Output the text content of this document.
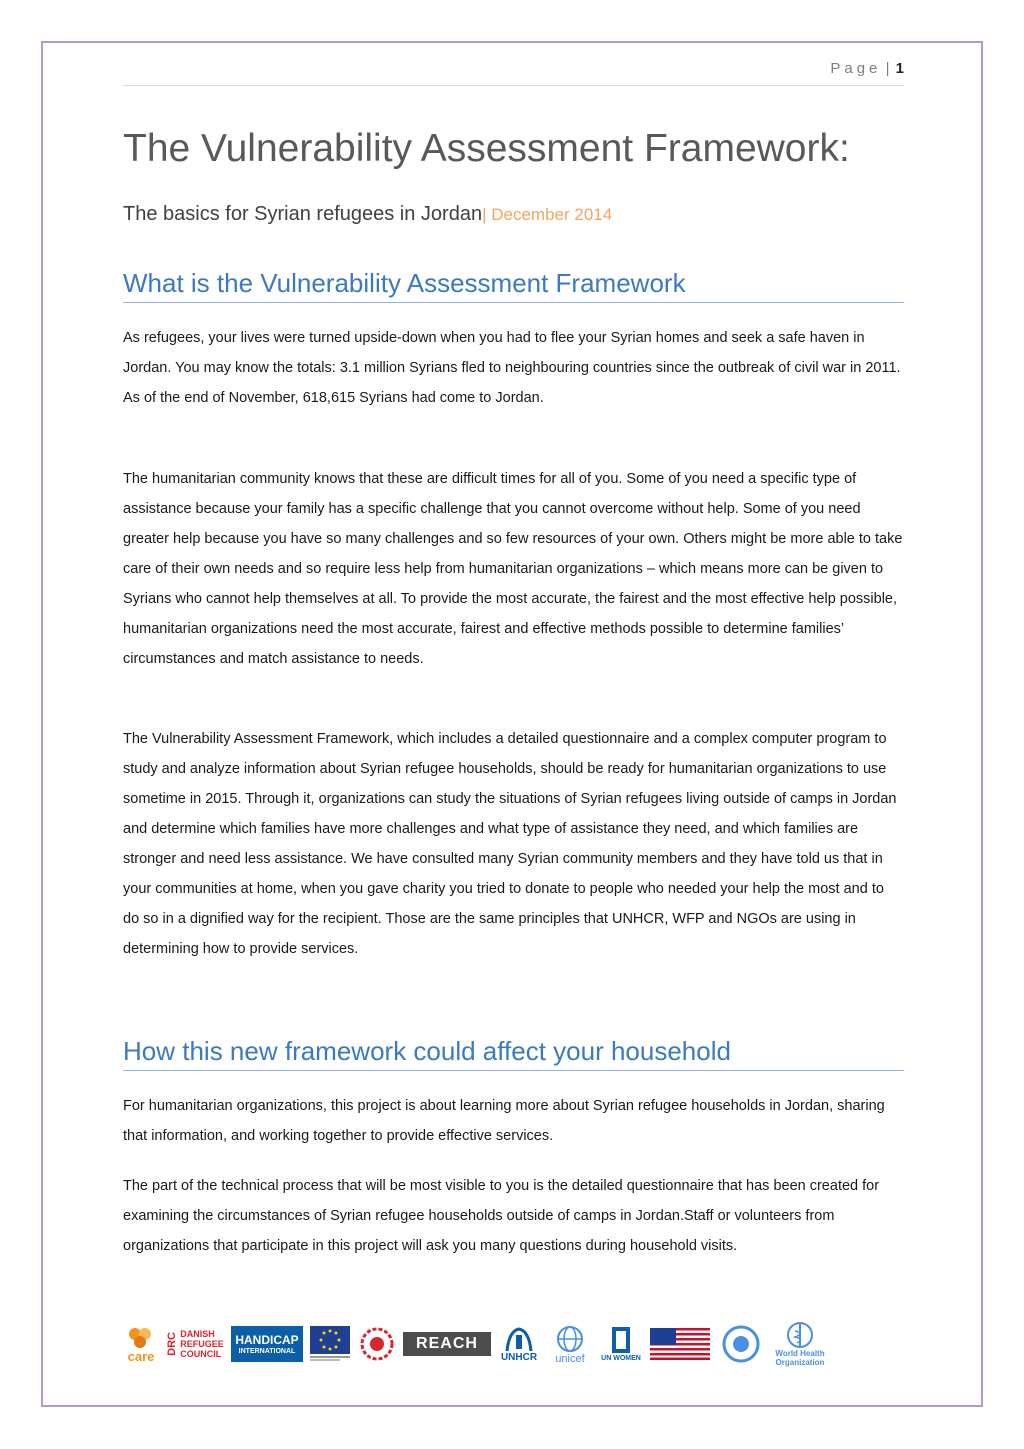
Page | 1
The Vulnerability Assessment Framework:
The basics for Syrian refugees in Jordan| December 2014
What is the Vulnerability Assessment Framework

As refugees, your lives were turned upside-down when you had to flee your Syrian homes and seek a safe haven in Jordan. You may know the totals: 3.1 million Syrians fled to neighbouring countries since the outbreak of civil war in 2011. As of the end of November, 618,615 Syrians had come to Jordan.

The humanitarian community knows that these are difficult times for all of you. Some of you need a specific type of assistance because your family has a specific challenge that you cannot overcome without help. Some of you need greater help because you have so many challenges and so few resources of your own. Others might be more able to take care of their own needs and so require less help from humanitarian organizations – which means more can be given to Syrians who cannot help themselves at all. To provide the most accurate, the fairest and the most effective help possible, humanitarian organizations need the most accurate, fairest and effective methods possible to determine families’ circumstances and match assistance to needs.

The Vulnerability Assessment Framework, which includes a detailed questionnaire and a complex computer program to study and analyze information about Syrian refugee households, should be ready for humanitarian organizations to use sometime in 2015. Through it, organizations can study the situations of Syrian refugees living outside of camps in Jordan and determine which families have more challenges and what type of assistance they need, and which families are stronger and need less assistance. We have consulted many Syrian community members and they have told us that in your communities at home, when you gave charity you tried to donate to people who needed your help the most and to do so in a dignified way for the recipient. Those are the same principles that UNHCR, WFP and NGOs are using in determining how to provide services.

How this new framework could affect your household

For humanitarian organizations, this project is about learning more about Syrian refugee households in Jordan, sharing that information, and working together to provide effective services.

The part of the technical process that will be most visible to you is the detailed questionnaire that has been created for examining the circumstances of Syrian refugee households outside of camps in Jordan.Staff or volunteers from organizations that participate in this project will ask you many questions during household visits.

care
DRC DANISH
REFUGEE
COUNCIL
HANDICAP
INTERNATIONAL	REACH
UNHCR unicef UN WOMEN
World Health
Organization
